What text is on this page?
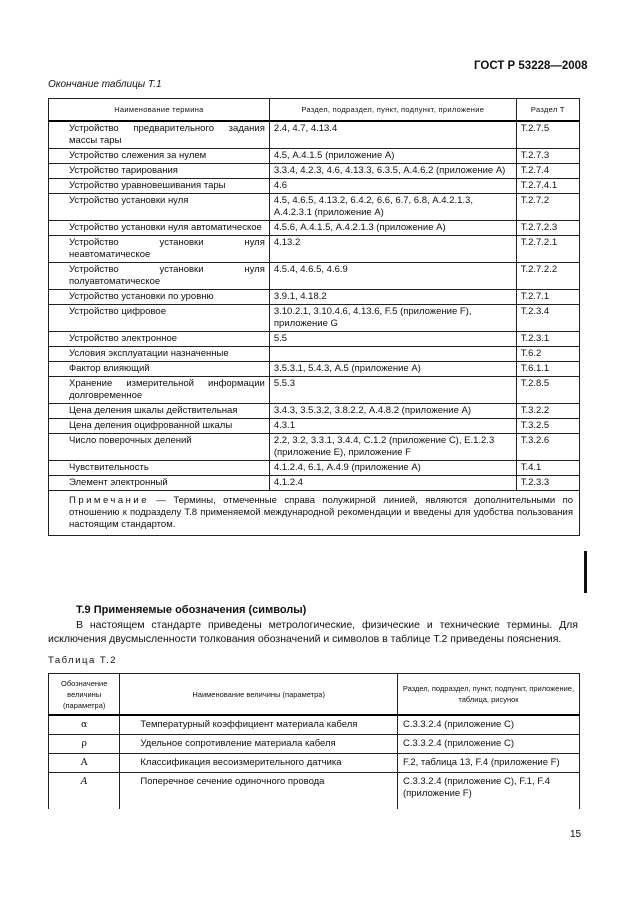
ГОСТ Р 53228—2008
Окончание таблицы Т.1
Наименование термина	Раздел, подраздел, пункт, подпункт, приложение	Раздел Т
Устройство предварительного задания массы тары	2.4, 4.7, 4.13.4	Т.2.7.5
Устройство слежения за нулем	4.5, А.4.1.5 (приложение А)	Т.2.7.3
Устройство тарирования	3.3.4, 4.2.3, 4.6, 4.13.3, 6.3.5, А.4.6.2 (приложение А)	Т.2.7.4
Устройство уравновешивания тары	4.6	Т.2.7.4.1
Устройство установки нуля	4.5, 4.6.5, 4.13.2, 6.4.2, 6.6, 6.7, 6.8, А.4.2.1.3, А.4.2.3.1 (приложение А)	Т.2.7.2
Устройство установки нуля автоматическое	4.5.6, А.4.1.5, А.4.2.1.3 (приложение А)	Т.2.7.2.3
Устройство установки нуля неавтоматическое	4.13.2	Т.2.7.2.1
Устройство установки нуля полуавтоматическое	4.5.4, 4.6.5, 4.6.9	Т.2.7.2.2
Устройство установки по уровню	3.9.1, 4.18.2	Т.2.7.1
Устройство цифровое	3.10.2.1, 3.10.4.6, 4.13.6, F.5 (приложение F), приложение G	Т.2.3.4
Устройство электронное	5.5	Т.2.3.1
Условия эксплуатации назначенные		Т.6.2
Фактор влияющий	3.5.3.1, 5.4.3, А.5 (приложение А)	Т.6.1.1
Хранение измерительной информации долговременное	5.5.3	Т.2.8.5
Цена деления шкалы действительная	3.4.3, 3.5.3.2, 3.8.2.2, А.4.8.2 (приложение А)	Т.3.2.2
Цена деления оцифрованной шкалы	4.3.1	Т.3.2.5
Число поверочных делений	2.2, 3.2, 3.3.1, 3.4.4, C.1.2 (приложение С), Е.1.2.3 (приложение Е), приложение F	Т.3.2.6
Чувствительность	4.1.2.4, 6.1, А.4.9 (приложение А)	Т.4.1
Элемент электронный	4.1.2.4	Т.2.3.3
Примечание — Термины, отмеченные справа полужирной линией, являются дополнительными по отношению к подразделу Т.8 применяемой международной рекомендации и введены для удобства пользования настоящим стандартом.		
Т.9 Применяемые обозначения (символы)
В настоящем стандарте приведены метрологические, физические и технические термины. Для исключения двусмысленности толкования обозначений и символов в таблице Т.2 приведены пояснения.
Таблица Т.2
Обозначение величины (параметра)	Наименование величины (параметра)	Раздел, подраздел, пункт, подпункт, приложение, таблица, рисунок
α	Температурный коэффициент материала кабеля	С.3.3.2.4 (приложение С)
ρ	Удельное сопротивление материала кабеля	С.3.3.2.4 (приложение С)
A	Классификация весоизмерительного датчика	F.2, таблица 13, F.4 (приложение F)
A	Поперечное сечение одиночного провода	С.3.3.2.4 (приложение С), F.1, F.4 (приложение F)
15
